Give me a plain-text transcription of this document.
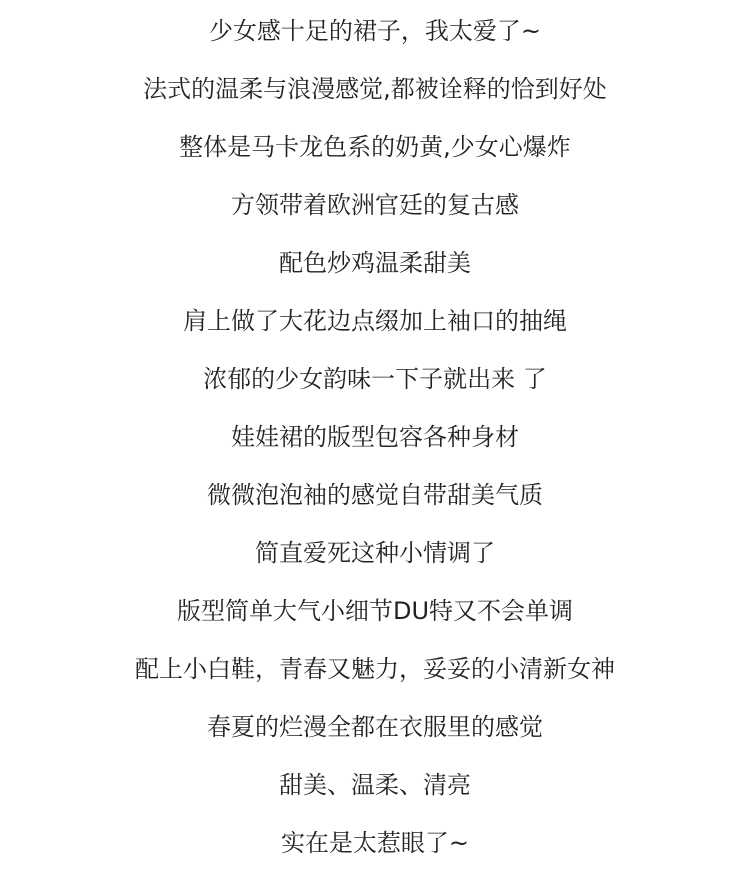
少女感十足的裙子，我太爱了~
法式的温柔与浪漫感觉,都被诠释的恰到好处
整体是马卡龙色系的奶黄,少女心爆炸
方领带着欧洲官廷的复古感
配色炒鸡温柔甜美
肩上做了大花边点缀加上袖口的抽绳
浓郁的少女韵味一下子就出来 了
娃娃裙的版型包容各种身材
微微泡泡袖的感觉自带甜美气质
简直爱死这种小情调了
版型简单大气小细节DU特又不会单调
配上小白鞋，青春又魅力，妥妥的小清新女神
春夏的烂漫全都在衣服里的感觉
甜美、温柔、清亮
实在是太惹眼了~
